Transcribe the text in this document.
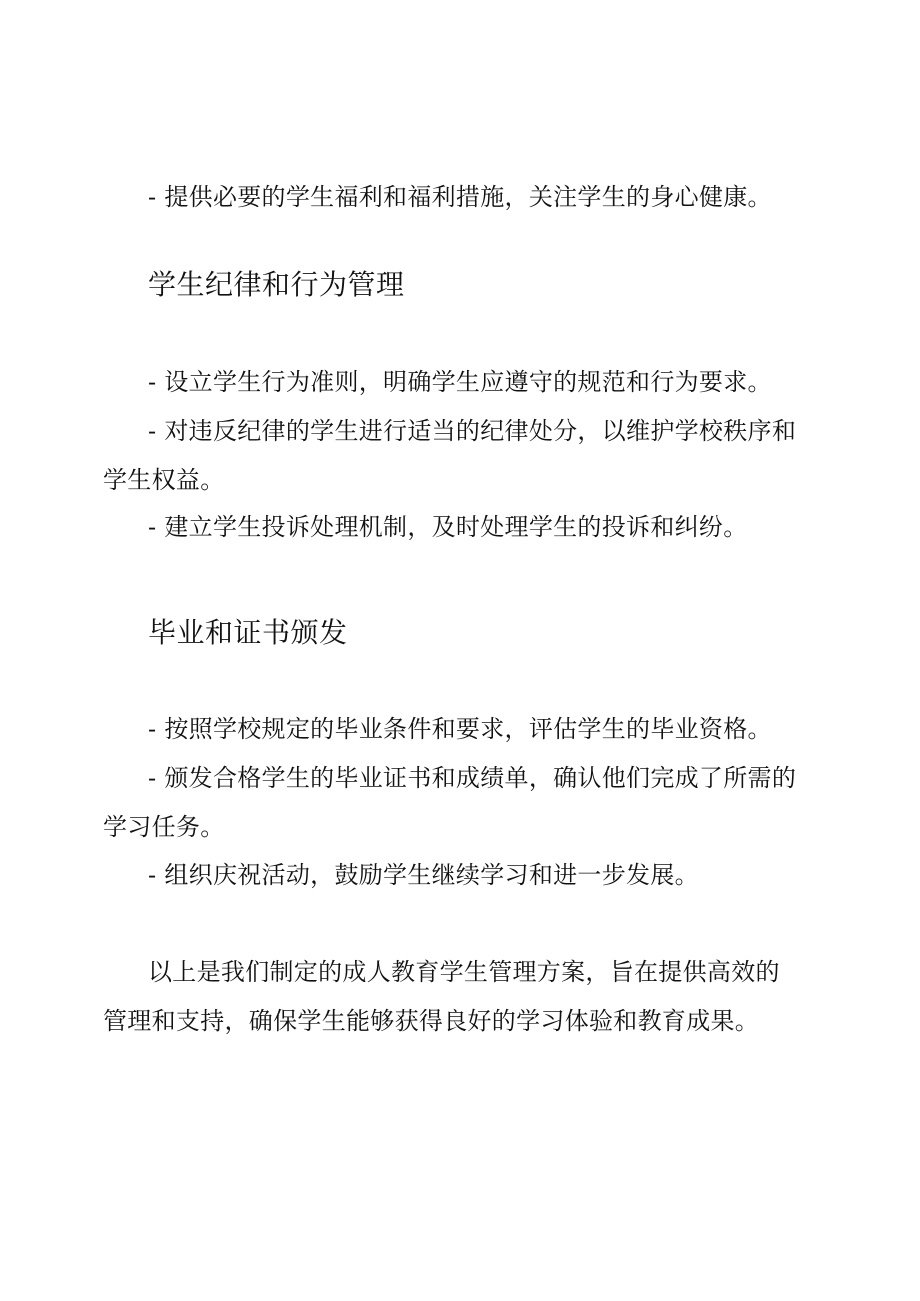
- 提供必要的学生福利和福利措施，关注学生的身心健康。

学生纪律和行为管理

- 设立学生行为准则，明确学生应遵守的规范和行为要求。

- 对违反纪律的学生进行适当的纪律处分，以维护学校秩序和学生权益。

- 建立学生投诉处理机制，及时处理学生的投诉和纠纷。

毕业和证书颁发

- 按照学校规定的毕业条件和要求，评估学生的毕业资格。

- 颁发合格学生的毕业证书和成绩单，确认他们完成了所需的学习任务。

- 组织庆祝活动，鼓励学生继续学习和进一步发展。

以上是我们制定的成人教育学生管理方案，旨在提供高效的管理和支持，确保学生能够获得良好的学习体验和教育成果。
